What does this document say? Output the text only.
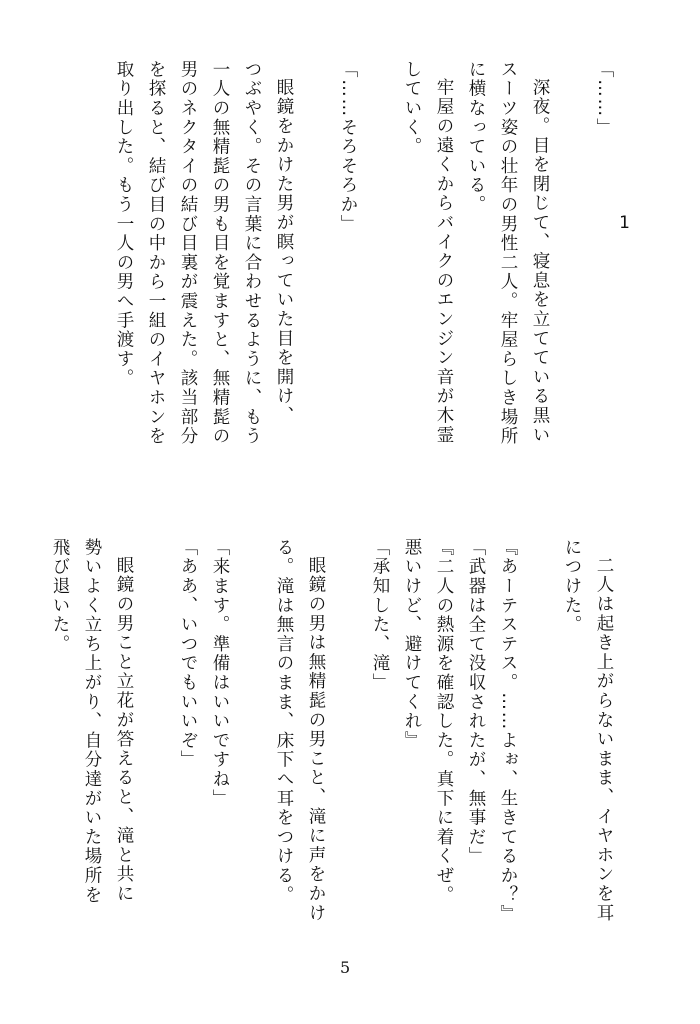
1
「……」
深夜。目を閉じて、寝息を立てている黒い
スーツ姿の壮年の男性二人。牢屋らしき場所
に横なっている。
牢屋の遠くからバイクのエンジン音が木霊
していく。
「……そろそろか」
眼鏡をかけた男が瞑っていた目を開け、
つぶやく。その言葉に合わせるように、もう
一人の無精髭の男も目を覚ますと、無精髭の
男のネクタイの結び目裏が震えた。該当部分
を探ると、結び目の中から一組のイヤホンを
取り出した。もう一人の男へ手渡す。
二人は起き上がらないまま、イヤホンを耳
につけた。
『あーテステス。……よぉ、生きてるか？』
「武器は全て没収されたが、無事だ」
『二人の熱源を確認した。真下に着くぜ。
悪いけど、避けてくれ』
「承知した、滝」
眼鏡の男は無精髭の男こと、滝に声をかけ
る。滝は無言のまま、床下へ耳をつける。
「来ます。準備はいいですね」
「ああ、いつでもいいぞ」
眼鏡の男こと立花が答えると、滝と共に
勢いよく立ち上がり、自分達がいた場所を
飛び退いた。
5
